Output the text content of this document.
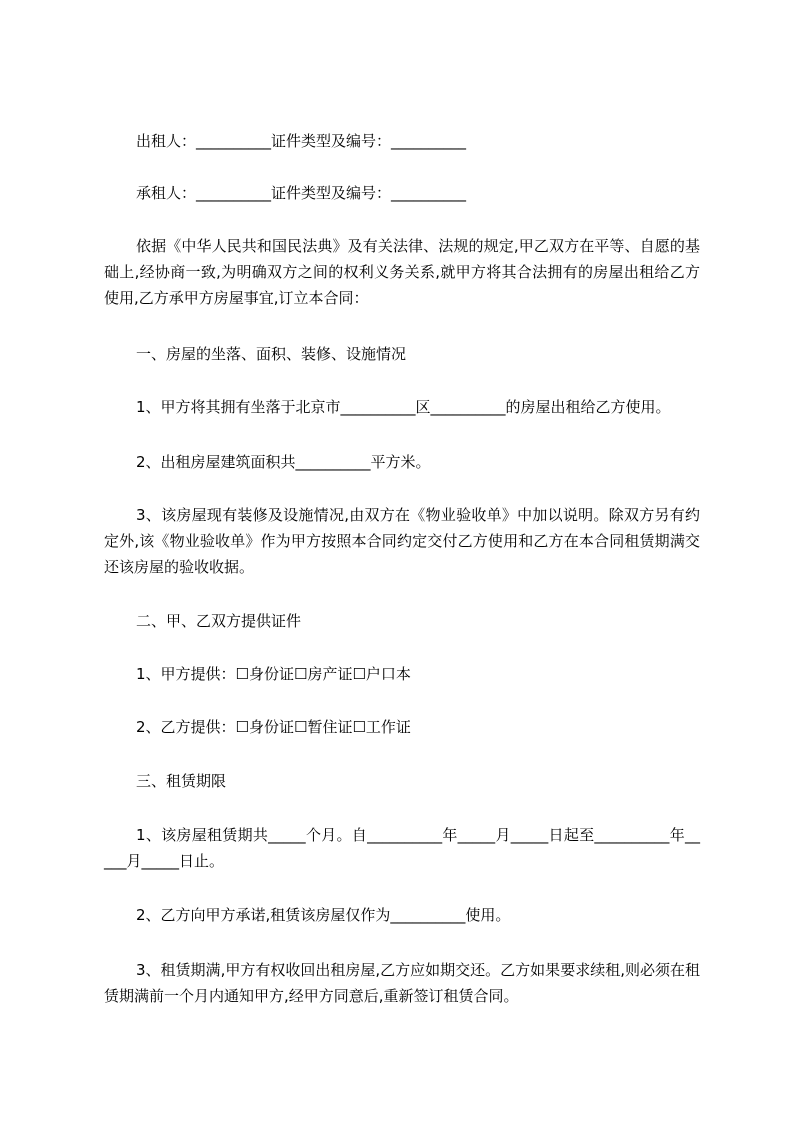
出租人：__________证件类型及编号：__________

承租人：__________证件类型及编号：__________

依据《中华人民共和国民法典》及有关法律、法规的规定,甲乙双方在平等、自愿的基础上,经协商一致,为明确双方之间的权利义务关系,就甲方将其合法拥有的房屋出租给乙方使用,乙方承甲方房屋事宜,订立本合同：

一、房屋的坐落、面积、装修、设施情况

1、甲方将其拥有坐落于北京市__________区__________的房屋出租给乙方使用。

2、出租房屋建筑面积共__________平方米。

3、该房屋现有装修及设施情况,由双方在《物业验收单》中加以说明。除双方另有约定外,该《物业验收单》作为甲方按照本合同约定交付乙方使用和乙方在本合同租赁期满交还该房屋的验收收据。

二、甲、乙双方提供证件

1、甲方提供：☐身份证☐房产证☐户口本

2、乙方提供：☐身份证☐暂住证☐工作证

三、租赁期限

1、该房屋租赁期共_____个月。自__________年_____月_____日起至__________年_____月_____日止。

2、乙方向甲方承诺,租赁该房屋仅作为__________使用。

3、租赁期满,甲方有权收回出租房屋,乙方应如期交还。乙方如果要求续租,则必须在租赁期满前一个月内通知甲方,经甲方同意后,重新签订租赁合同。
